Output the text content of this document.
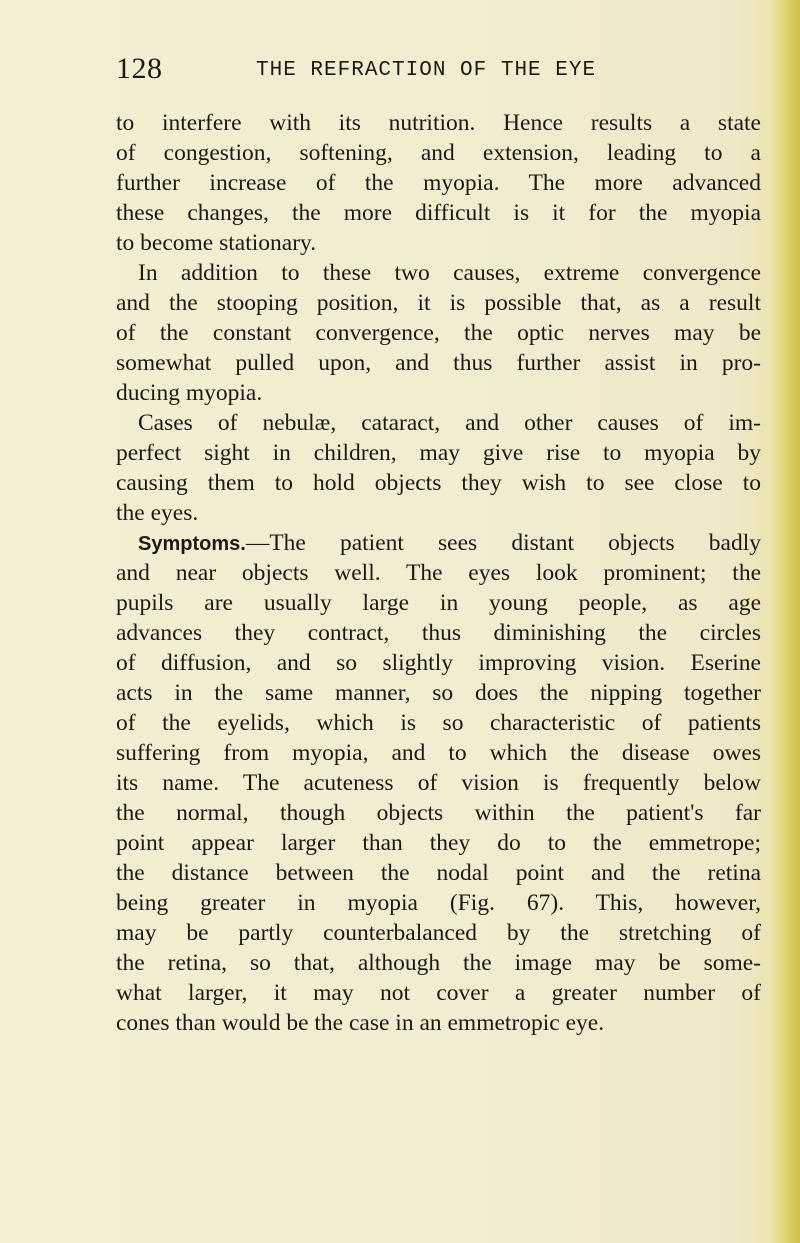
128	THE REFRACTION OF THE EYE
to interfere with its nutrition. Hence results a state
of congestion, softening, and extension, leading to a
further increase of the myopia. The more advanced
these changes, the more difficult is it for the myopia
to become stationary.
In addition to these two causes, extreme convergence
and the stooping position, it is possible that, as a result
of the constant convergence, the optic nerves may be
somewhat pulled upon, and thus further assist in pro-
ducing myopia.
Cases of nebulæ, cataract, and other causes of im-
perfect sight in children, may give rise to myopia by
causing them to hold objects they wish to see close to
the eyes.
Symptoms.—The patient sees distant objects badly
and near objects well. The eyes look prominent; the
pupils are usually large in young people, as age
advances they contract, thus diminishing the circles
of diffusion, and so slightly improving vision. Eserine
acts in the same manner, so does the nipping together
of the eyelids, which is so characteristic of patients
suffering from myopia, and to which the disease owes
its name. The acuteness of vision is frequently below
the normal, though objects within the patient's far
point appear larger than they do to the emmetrope;
the distance between the nodal point and the retina
being greater in myopia (Fig. 67). This, however,
may be partly counterbalanced by the stretching of
the retina, so that, although the image may be some-
what larger, it may not cover a greater number of
cones than would be the case in an emmetropic eye.
